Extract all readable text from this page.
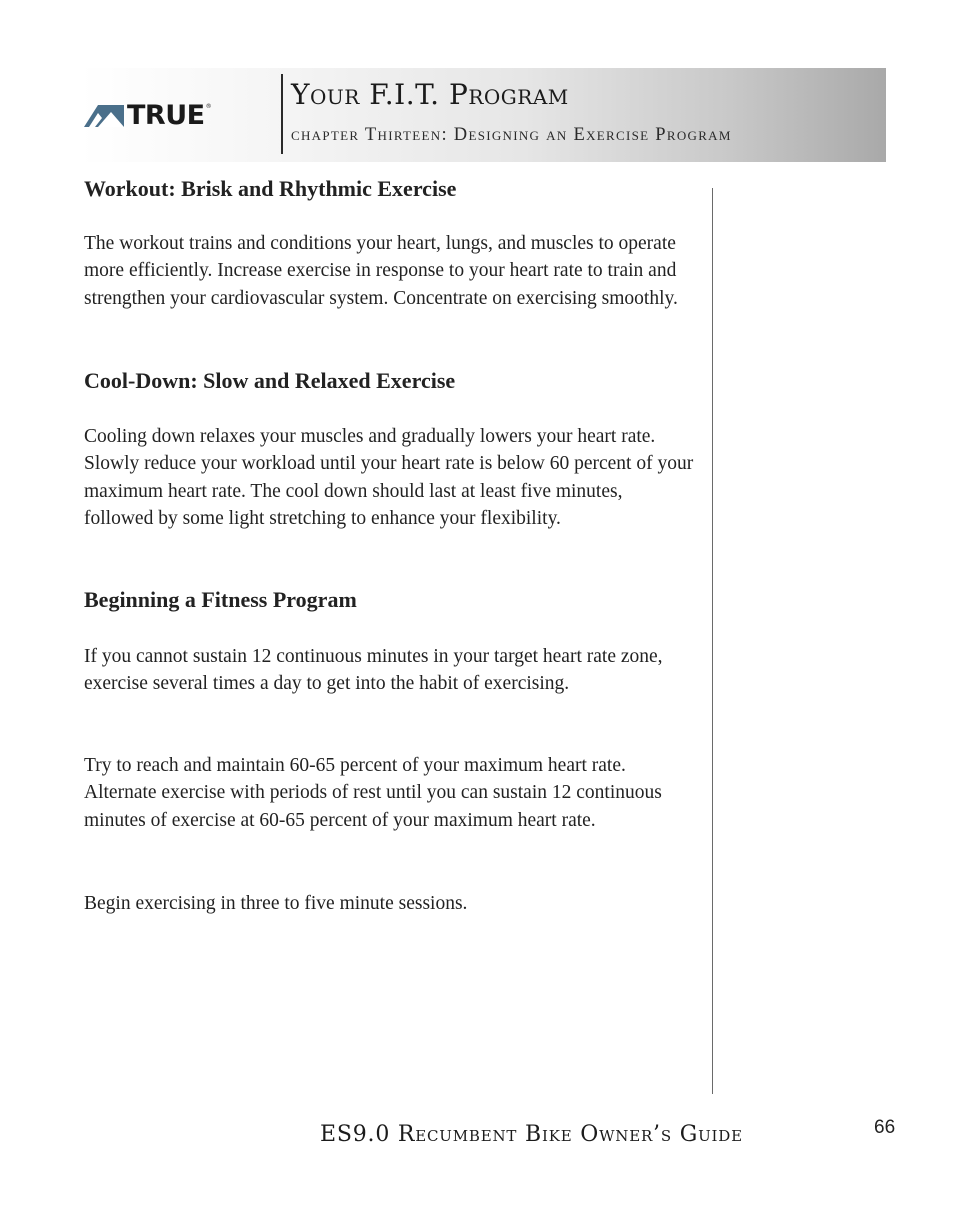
TRUE ®	Your F.I.T. Program
chapter Thirteen: Designing an Exercise Program
Workout: Brisk and Rhythmic Exercise

The workout trains and conditions your heart, lungs, and muscles to operate more efficiently. Increase exercise in response to your heart rate to train and strengthen your cardiovascular system. Concentrate on exercising smoothly.

Cool-Down: Slow and Relaxed Exercise

Cooling down relaxes your muscles and gradually lowers your heart rate. Slowly reduce your workload until your heart rate is below 60 percent of your maximum heart rate. The cool down should last at least five minutes, followed by some light stretching to enhance your flexibility.

Beginning a Fitness Program

If you cannot sustain 12 continuous minutes in your target heart rate zone, exercise several times a day to get into the habit of exercising.

Try to reach and maintain 60-65 percent of your maximum heart rate. Alternate exercise with periods of rest until you can sustain 12 continuous minutes of exercise at 60-65 percent of your maximum heart rate.

Begin exercising in three to five minute sessions.

ES9.0 Recumbent Bike Owner’s Guide	66
